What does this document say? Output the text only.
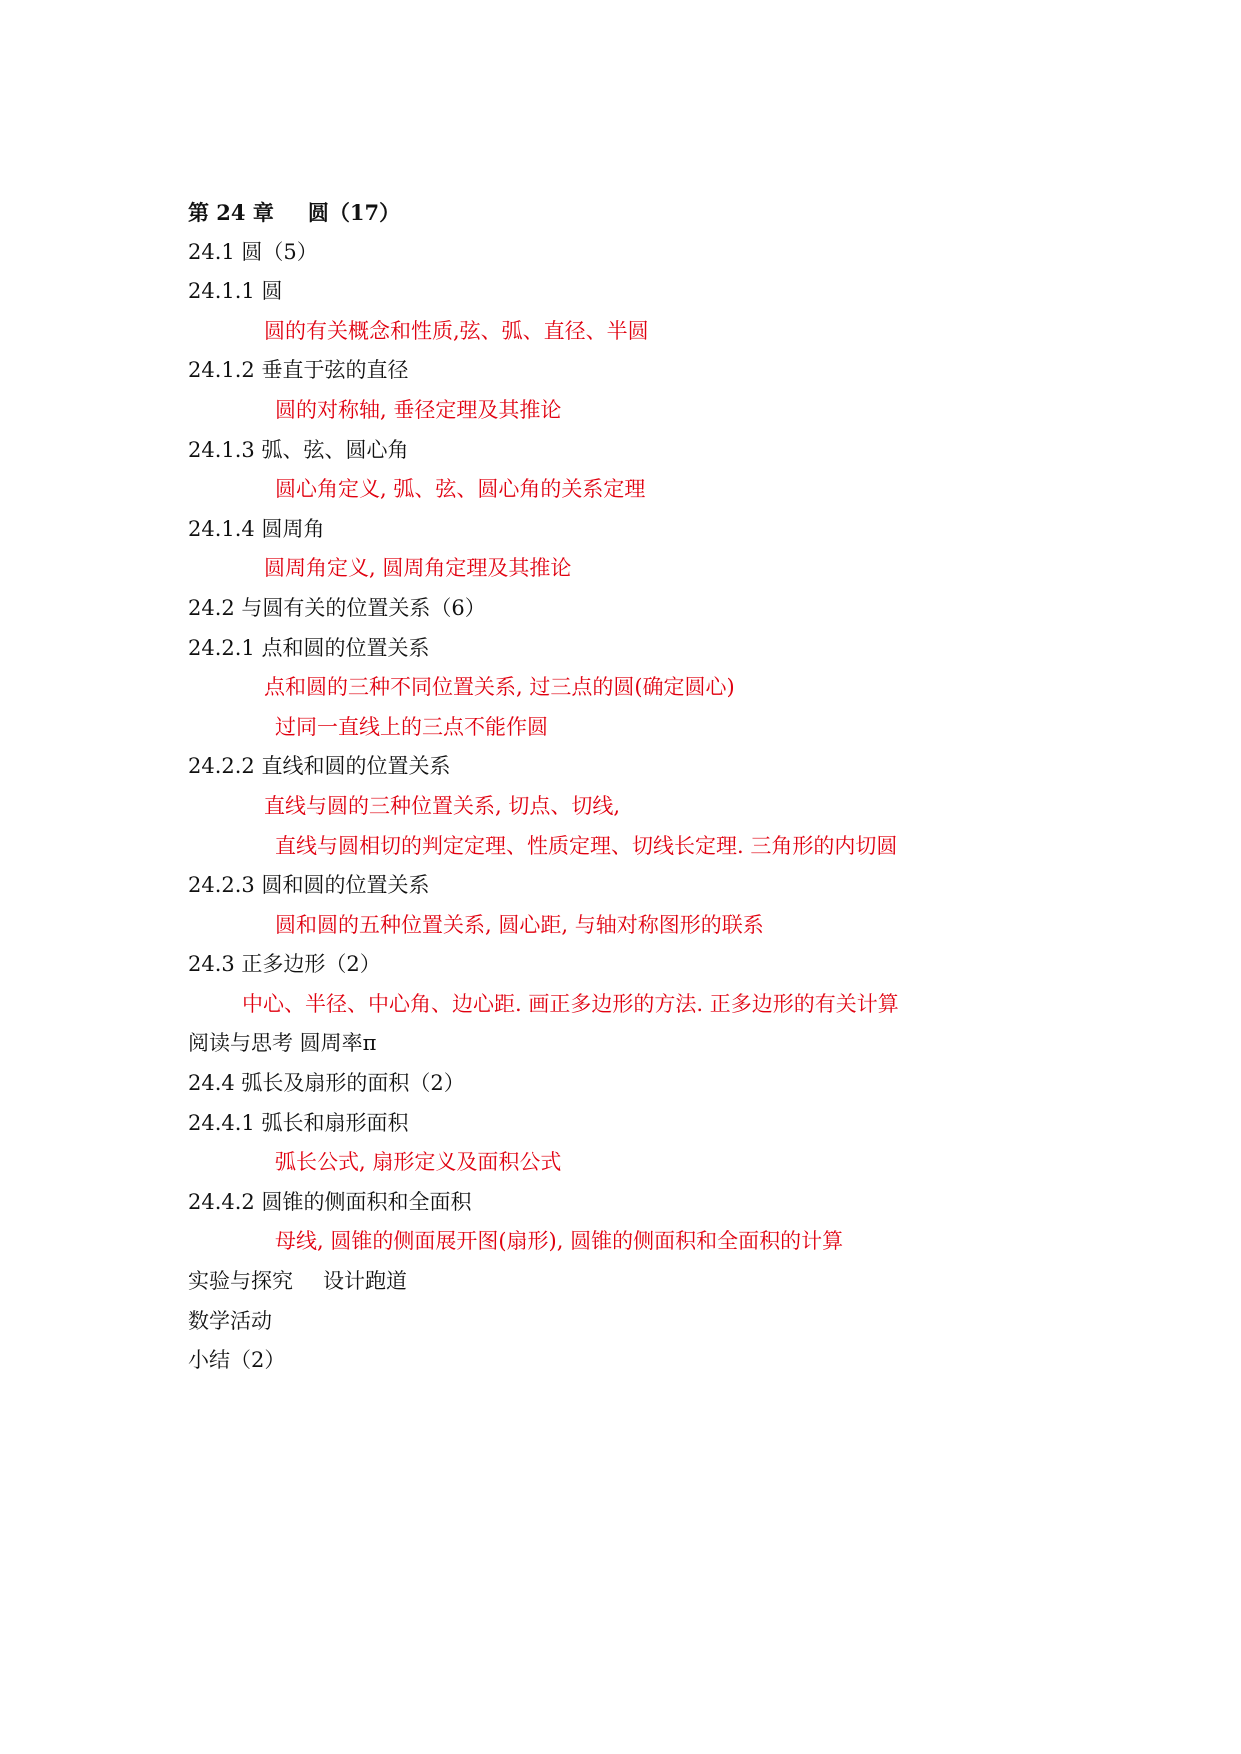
第 24 章 圆（17）
24.1 圆（5）
24.1.1 圆
圆的有关概念和性质,弦、弧、直径、半圆
24.1.2 垂直于弦的直径
圆的对称轴, 垂径定理及其推论
24.1.3 弧、弦、圆心角
圆心角定义, 弧、弦、圆心角的关系定理
24.1.4 圆周角
圆周角定义, 圆周角定理及其推论
24.2 与圆有关的位置关系（6）
24.2.1 点和圆的位置关系
点和圆的三种不同位置关系, 过三点的圆(确定圆心)
过同一直线上的三点不能作圆
24.2.2 直线和圆的位置关系
直线与圆的三种位置关系, 切点、切线,
直线与圆相切的判定定理、性质定理、切线长定理. 三角形的内切圆
24.2.3 圆和圆的位置关系
圆和圆的五种位置关系, 圆心距, 与轴对称图形的联系
24.3 正多边形（2）
中心、半径、中心角、边心距. 画正多边形的方法. 正多边形的有关计算
阅读与思考 圆周率π
24.4 弧长及扇形的面积（2）
24.4.1 弧长和扇形面积
弧长公式, 扇形定义及面积公式
24.4.2 圆锥的侧面积和全面积
母线, 圆锥的侧面展开图(扇形), 圆锥的侧面积和全面积的计算
实验与探究 设计跑道
数学活动
小结（2）
